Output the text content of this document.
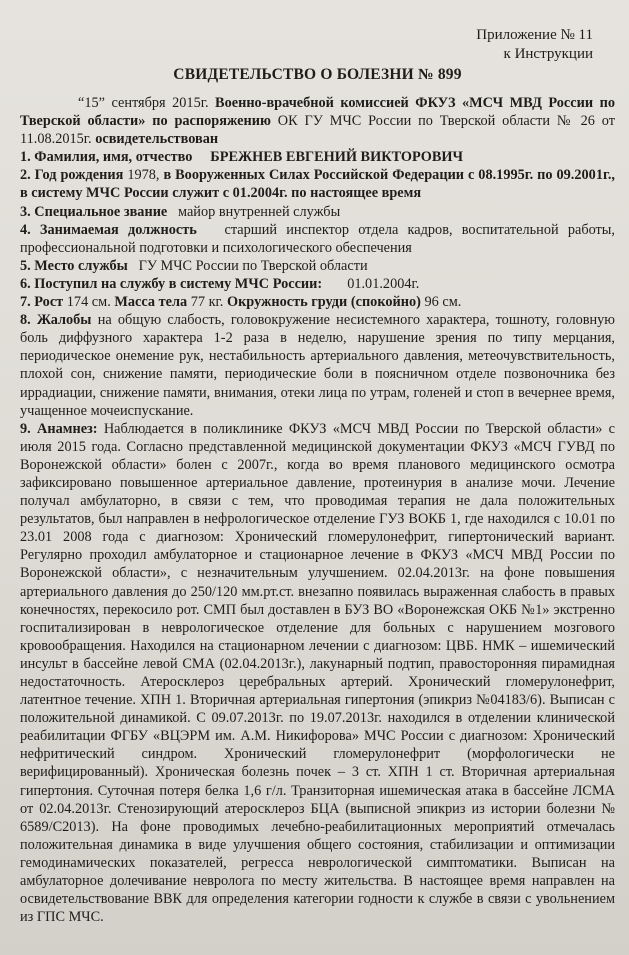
Приложение № 11
к Инструкции
СВИДЕТЕЛЬСТВО О БОЛЕЗНИ № 899

“15” сентября 2015г. Военно-врачебной комиссией ФКУЗ «МСЧ МВД России по Тверской области» по распоряжению ОК ГУ МЧС России по Тверской области № 26 от 11.08.2015г. освидетельствован

1. Фамилия, имя, отчество БРЕЖНЕВ ЕВГЕНИЙ ВИКТОРОВИЧ

2. Год рождения 1978, в Вооруженных Силах Российской Федерации с 08.1995г. по 09.2001г., в систему МЧС России служит с 01.2004г. по настоящее время

3. Специальное звание майор внутренней службы

4. Занимаемая должность старший инспектор отдела кадров, воспитательной работы, профессиональной подготовки и психологического обеспечения

5. Место службы ГУ МЧС России по Тверской области

6. Поступил на службу в систему МЧС России: 01.01.2004г.

7. Рост 174 см. Масса тела 77 кг. Окружность груди (спокойно) 96 см.

8. Жалобы на общую слабость, головокружение несистемного характера, тошноту, головную боль диффузного характера 1-2 раза в неделю, нарушение зрения по типу мерцания, периодическое онемение рук, нестабильность артериального давления, метеочувствительность, плохой сон, снижение памяти, периодические боли в поясничном отделе позвоночника без иррадиации, снижение памяти, внимания, отеки лица по утрам, голеней и стоп в вечернее время, учащенное мочеиспускание.

9. Анамнез: Наблюдается в поликлинике ФКУЗ «МСЧ МВД России по Тверской области» с июля 2015 года. Согласно представленной медицинской документации ФКУЗ «МСЧ ГУВД по Воронежской области» болен с 2007г., когда во время планового медицинского осмотра зафиксировано повышенное артериальное давление, протеинурия в анализе мочи. Лечение получал амбулаторно, в связи с тем, что проводимая терапия не дала положительных результатов, был направлен в нефрологическое отделение ГУЗ ВОКБ 1, где находился с 10.01 по 23.01 2008 года с диагнозом: Хронический гломерулонефрит, гипертонический вариант. Регулярно проходил амбулаторное и стационарное лечение в ФКУЗ «МСЧ МВД России по Воронежской области», с незначительным улучшением. 02.04.2013г. на фоне повышения артериального давления до 250/120 мм.рт.ст. внезапно появилась выраженная слабость в правых конечностях, перекосило рот. СМП был доставлен в БУЗ ВО «Воронежская ОКБ №1» экстренно госпитализирован в неврологическое отделение для больных с нарушением мозгового кровообращения. Находился на стационарном лечении с диагнозом: ЦВБ. НМК – ишемический инсульт в бассейне левой СМА (02.04.2013г.), лакунарный подтип, правосторонняя пирамидная недостаточность. Атеросклероз церебральных артерий. Хронический гломерулонефрит, латентное течение. ХПН 1. Вторичная артериальная гипертония (эпикриз №04183/6). Выписан с положительной динамикой. С 09.07.2013г. по 19.07.2013г. находился в отделении клинической реабилитации ФГБУ «ВЦЭРМ им. А.М. Никифорова» МЧС России с диагнозом: Хронический нефритический синдром. Хронический гломерулонефрит (морфологически не верифицированный). Хроническая болезнь почек – 3 ст. ХПН 1 ст. Вторичная артериальная гипертония. Суточная потеря белка 1,6 г/л. Транзиторная ишемическая атака в бассейне ЛСМА от 02.04.2013г. Стенозирующий атеросклероз БЦА (выписной эпикриз из истории болезни № 6589/С2013). На фоне проводимых лечебно-реабилитационных мероприятий отмечалась положительная динамика в виде улучшения общего состояния, стабилизации и оптимизации гемодинамических показателей, регресса неврологической симптоматики. Выписан на амбулаторное долечивание невролога по месту жительства. В настоящее время направлен на освидетельствование ВВК для определения категории годности к службе в связи с увольнением из ГПС МЧС.
